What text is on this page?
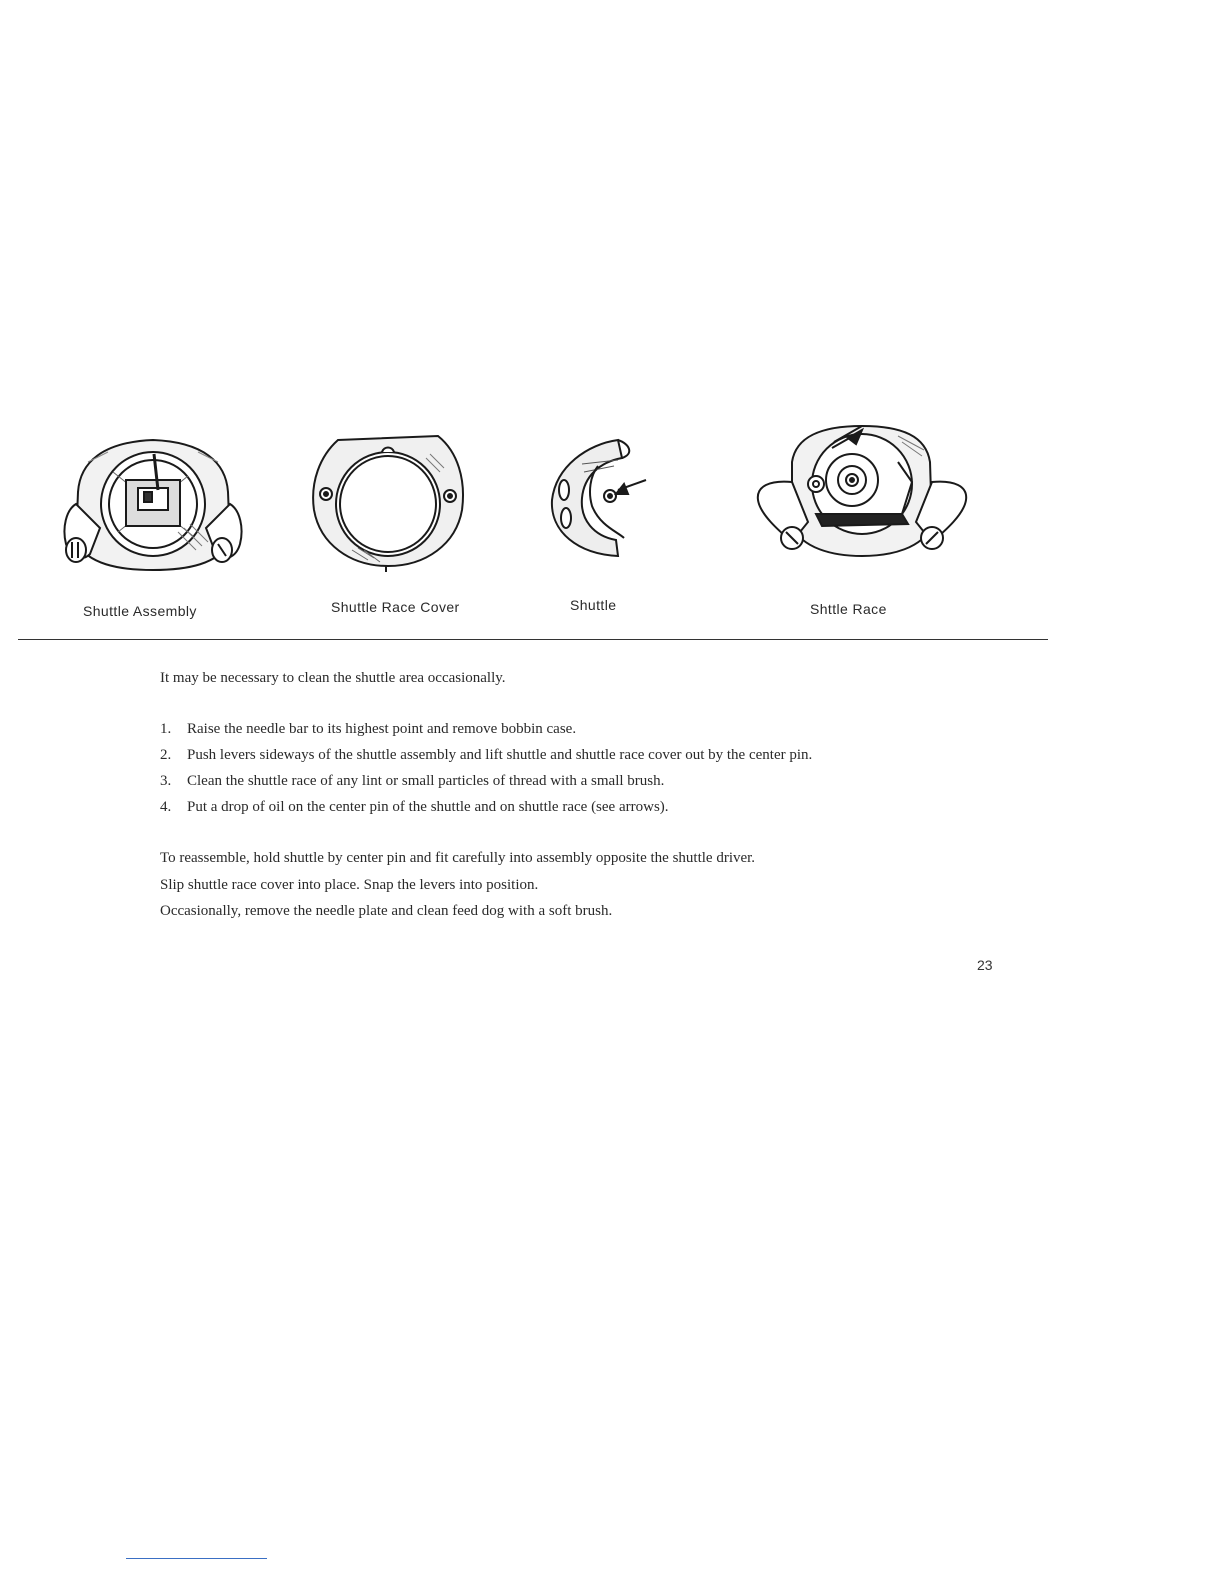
Shuttle Assembly	Shuttle Race Cover	Shuttle	Shttle Race
It may be necessary to clean the shuttle area occasionally.
1. Raise the needle bar to its highest point and remove bobbin case.
2. Push levers sideways of the shuttle assembly and lift shuttle and shuttle race cover out by the center pin.
3. Clean the shuttle race of any lint or small particles of thread with a small brush.
4. Put a drop of oil on the center pin of the shuttle and on shuttle race (see arrows).
To reassemble, hold shuttle by center pin and fit carefully into assembly opposite the shuttle driver.
Slip shuttle race cover into place. Snap the levers into position.
Occasionally, remove the needle plate and clean feed dog with a soft brush.
23
